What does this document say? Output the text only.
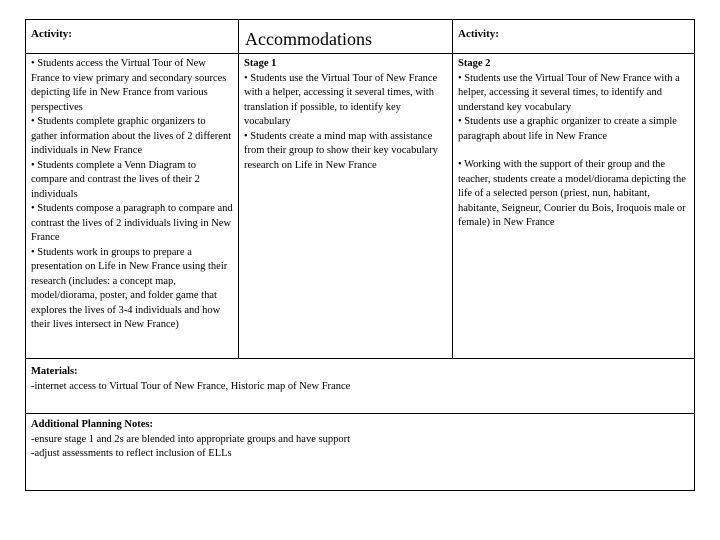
Activity:	Accommodations	Activity:

• Students access the Virtual Tour of New France to view primary and secondary sources depicting life in New France from various perspectives

• Students complete graphic organizers to gather information about the lives of 2 different individuals in New France

• Students complete a Venn Diagram to compare and contrast the lives of their 2 individuals

• Students compose a paragraph to compare and contrast the lives of 2 individuals living in New France

• Students work in groups to prepare a presentation on Life in New France using their research (includes: a concept map, model/diorama, poster, and folder game that explores the lives of 3-4 individuals and how their lives intersect in New France)

Stage 1

• Students use the Virtual Tour of New France with a helper, accessing it several times, with translation if possible, to identify key vocabulary

• Students create a mind map with assistance from their group to show their key vocabulary research on Life in New France

Stage 2

• Students use the Virtual Tour of New France with a helper, accessing it several times, to identify and understand key vocabulary

• Students use a graphic organizer to create a simple paragraph about life in New France

• Working with the support of their group and the teacher, students create a model/diorama depicting the life of a selected person (priest, nun, habitant, habitante, Seigneur, Courier du Bois, Iroquois male or female) in New France

Materials:

-internet access to Virtual Tour of New France, Historic map of New France

Additional Planning Notes:

-ensure stage 1 and 2s are blended into appropriate groups and have support

-adjust assessments to reflect inclusion of ELLs
